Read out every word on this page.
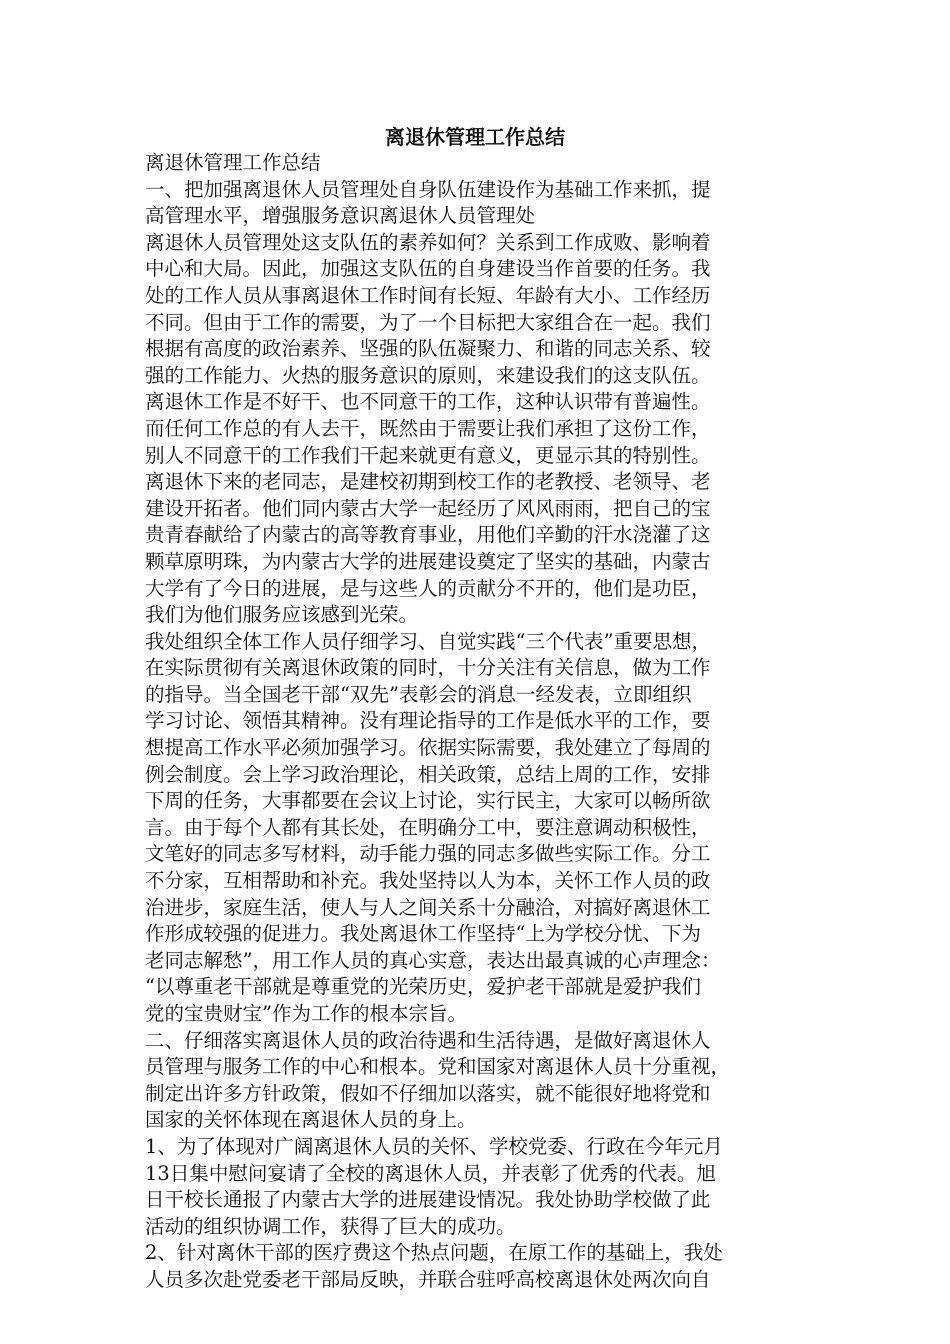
离退休管理工作总结
离退休管理工作总结
一、把加强离退休人员管理处自身队伍建设作为基础工作来抓，提
高管理水平，增强服务意识离退休人员管理处
离退休人员管理处这支队伍的素养如何？关系到工作成败、影响着
中心和大局。因此，加强这支队伍的自身建设当作首要的任务。我
处的工作人员从事离退休工作时间有长短、年龄有大小、工作经历
不同。但由于工作的需要，为了一个目标把大家组合在一起。我们
根据有高度的政治素养、坚强的队伍凝聚力、和谐的同志关系、较
强的工作能力、火热的服务意识的原则，来建设我们的这支队伍。
离退休工作是不好干、也不同意干的工作，这种认识带有普遍性。
而任何工作总的有人去干，既然由于需要让我们承担了这份工作，
别人不同意干的工作我们干起来就更有意义，更显示其的特别性。
离退休下来的老同志，是建校初期到校工作的老教授、老领导、老
建设开拓者。他们同内蒙古大学一起经历了风风雨雨，把自己的宝
贵青春献给了内蒙古的高等教育事业，用他们辛勤的汗水浇灌了这
颗草原明珠，为内蒙古大学的进展建设奠定了坚实的基础，内蒙古
大学有了今日的进展，是与这些人的贡献分不开的，他们是功臣，
我们为他们服务应该感到光荣。
我处组织全体工作人员仔细学习、自觉实践“三个代表”重要思想，
在实际贯彻有关离退休政策的同时，十分关注有关信息，做为工作
的指导。当全国老干部“双先”表彰会的消息一经发表，立即组织
学习讨论、领悟其精神。没有理论指导的工作是低水平的工作，要
想提高工作水平必须加强学习。依据实际需要，我处建立了每周的
例会制度。会上学习政治理论，相关政策，总结上周的工作，安排
下周的任务，大事都要在会议上讨论，实行民主，大家可以畅所欲
言。由于每个人都有其长处，在明确分工中，要注意调动积极性，
文笔好的同志多写材料，动手能力强的同志多做些实际工作。分工
不分家，互相帮助和补充。我处坚持以人为本，关怀工作人员的政
治进步，家庭生活，使人与人之间关系十分融洽，对搞好离退休工
作形成较强的促进力。我处离退休工作坚持“上为学校分忧、下为
老同志解愁”，用工作人员的真心实意，表达出最真诚的心声理念：
“以尊重老干部就是尊重党的光荣历史，爱护老干部就是爱护我们
党的宝贵财宝”作为工作的根本宗旨。
二、仔细落实离退休人员的政治待遇和生活待遇，是做好离退休人
员管理与服务工作的中心和根本。党和国家对离退休人员十分重视，
制定出许多方针政策，假如不仔细加以落实，就不能很好地将党和
国家的关怀体现在离退休人员的身上。
1、为了体现对广阔离退休人员的关怀、学校党委、行政在今年元月
13日集中慰问宴请了全校的离退休人员，并表彰了优秀的代表。旭
日干校长通报了内蒙古大学的进展建设情况。我处协助学校做了此
活动的组织协调工作，获得了巨大的成功。
2、针对离休干部的医疗费这个热点问题，在原工作的基础上，我处
人员多次赴党委老干部局反映，并联合驻呼高校离退休处两次向自
